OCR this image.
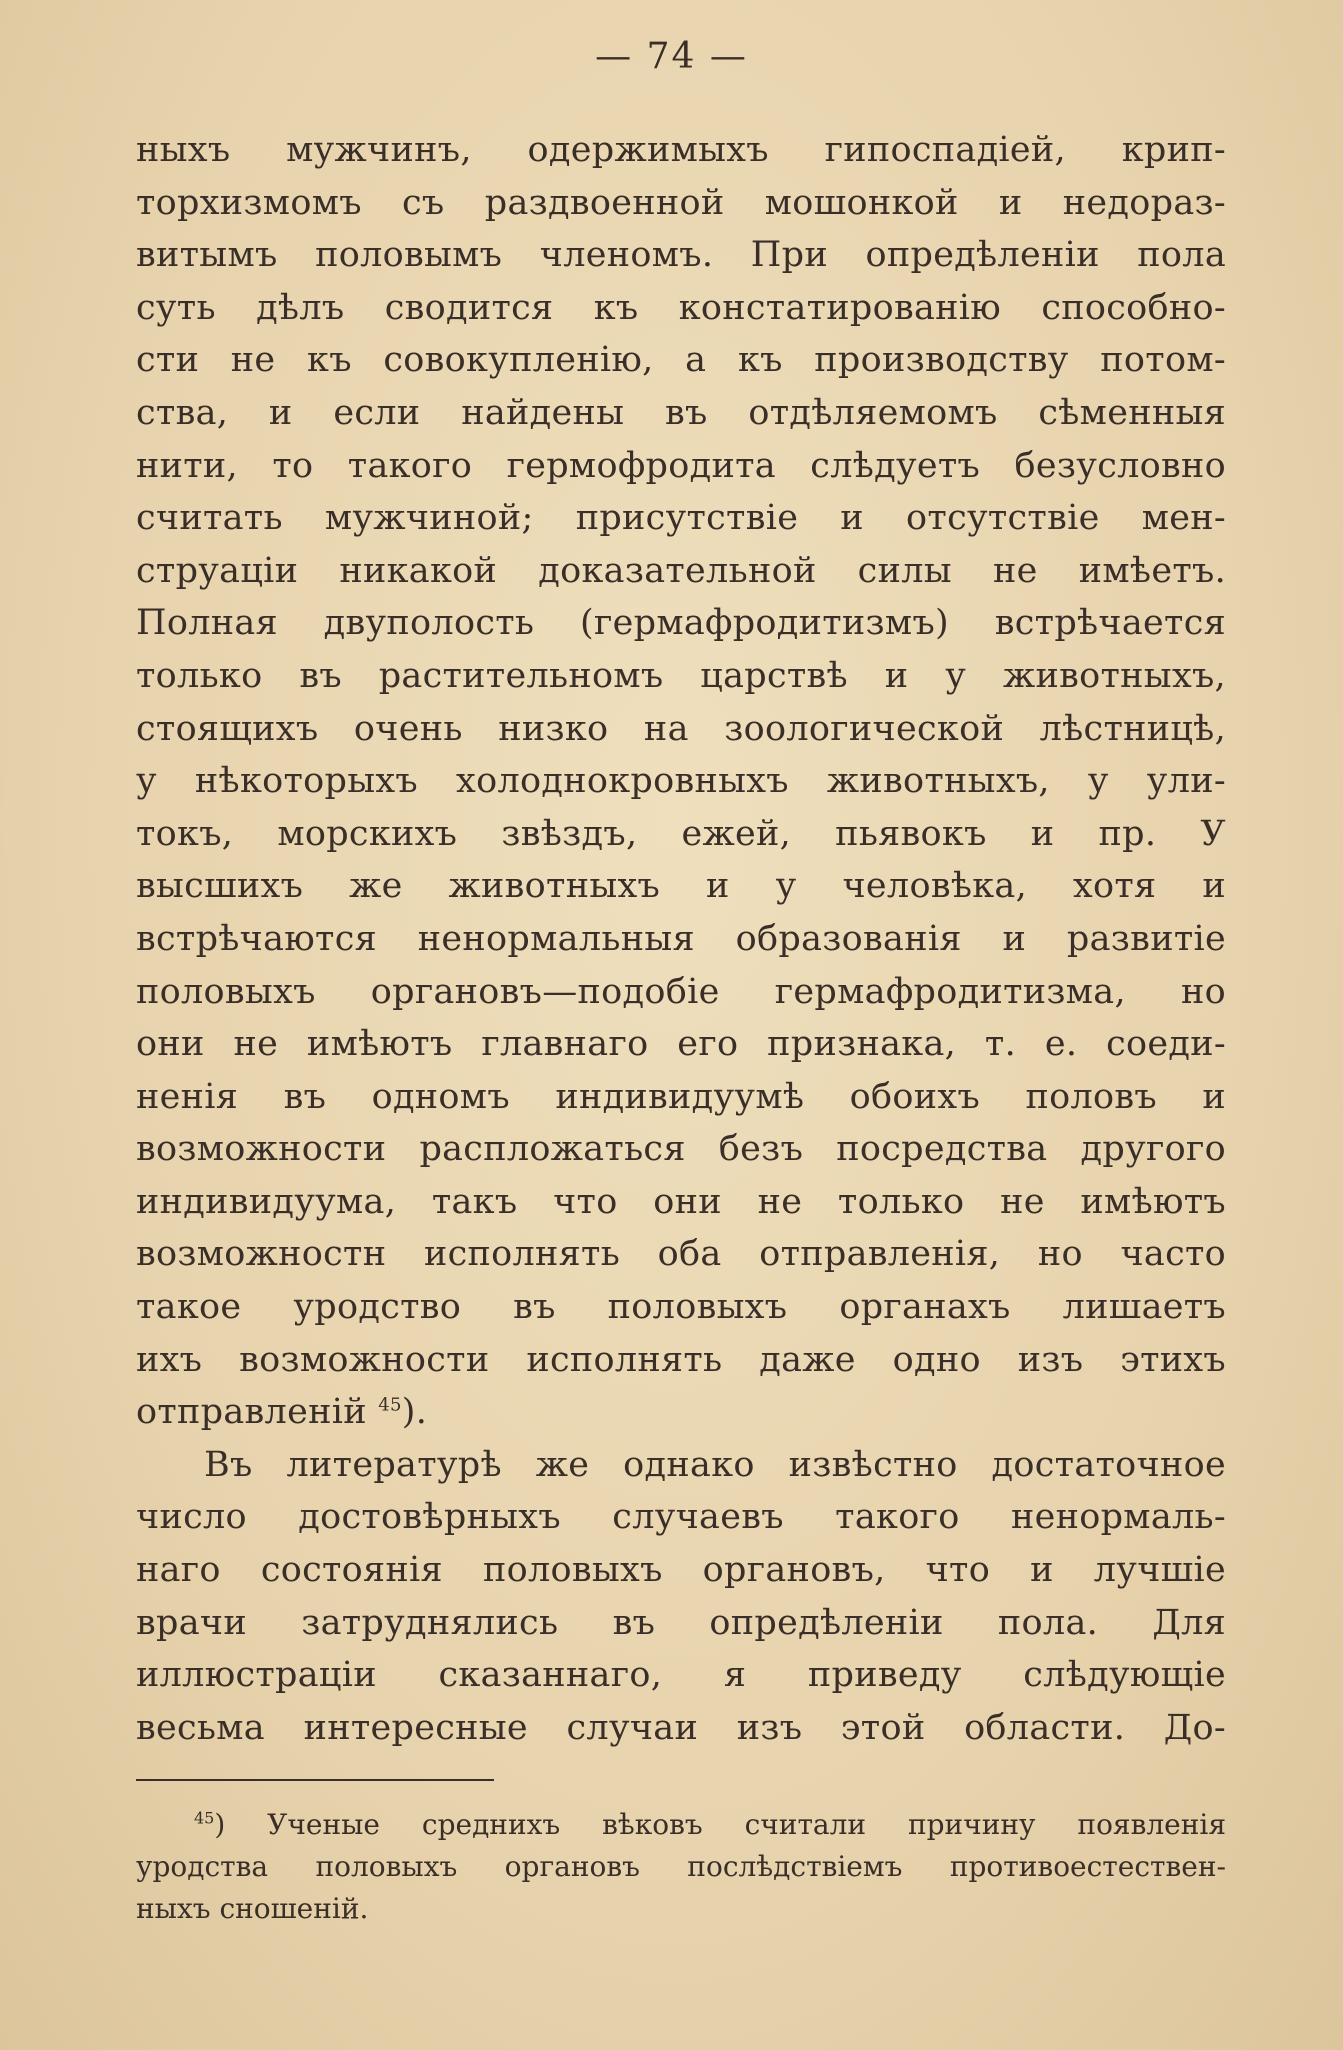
— 74 —
ныхъ мужчинъ, одержимыхъ гипоспадіей, крип-
торхизмомъ съ раздвоенной мошонкой и недораз-
витымъ половымъ членомъ. При опредѣленіи пола
суть дѣлъ сводится къ констатированію способно-
сти не къ совокупленію, а къ производству потом-
ства, и если найдены въ отдѣляемомъ сѣменныя
нити, то такого гермофродита слѣдуетъ безусловно
считать мужчиной; присутствіе и отсутствіе мен-
струаціи никакой доказательной силы не имѣетъ.
Полная двуполость (гермафродитизмъ) встрѣчается
только въ растительномъ царствѣ и у животныхъ,
стоящихъ очень низко на зоологической лѣстницѣ,
у нѣкоторыхъ холоднокровныхъ животныхъ, у ули-
токъ, морскихъ звѣздъ, ежей, пьявокъ и пр. У
высшихъ же животныхъ и у человѣка, хотя и
встрѣчаются ненормальныя образованія и развитіе
половыхъ органовъ—подобіе гермафродитизма, но
они не имѣютъ главнаго его признака, т. е. соеди-
ненія въ одномъ индивидуумѣ обоихъ половъ и
возможности распложаться безъ посредства другого
индивидуума, такъ что они не только не имѣютъ
возможностн исполнять оба отправленія, но часто
такое уродство въ половыхъ органахъ лишаетъ
ихъ возможности исполнять даже одно изъ этихъ
отправленій $^{45}$).
Въ литературѣ же однако извѣстно достаточное
число достовѣрныхъ случаевъ такого ненормаль-
наго состоянія половыхъ органовъ, что и лучшіе
врачи затруднялись въ опредѣленіи пола. Для
иллюстраціи сказаннаго, я приведу слѣдующіе
весьма интересные случаи изъ этой области. До-
$^{45}$) Ученые среднихъ вѣковъ считали причину появленія
уродства половыхъ органовъ послѣдствіемъ противоестествен-
ныхъ сношеній.
